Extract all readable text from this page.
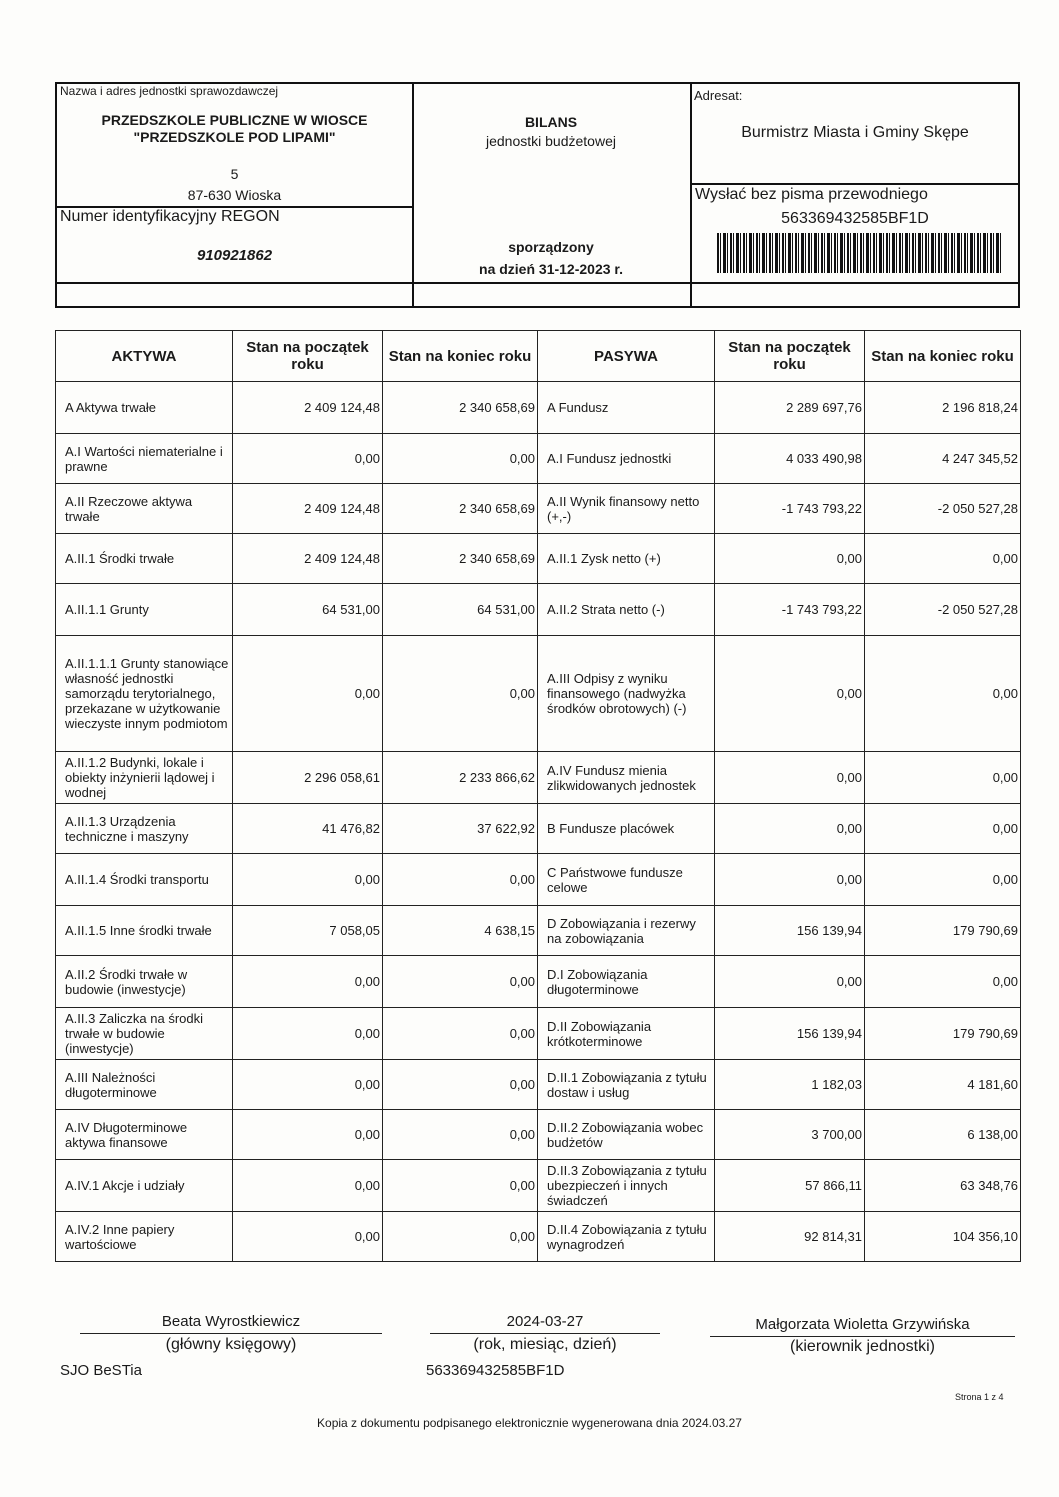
Nazwa i adres jednostki sprawozdawczej
PRZEDSZKOLE PUBLICZNE W WIOSCE
"PRZEDSZKOLE POD LIPAMI"
5
87-630 Wioska
Numer identyfikacyjny REGON
910921862
BILANS
jednostki budżetowej
sporządzony
na dzień 31-12-2023 r.
Adresat:
Burmistrz Miasta i Gminy Skępe
Wysłać bez pisma przewodniego
563369432585BF1D
AKTYWA	Stan na początek roku	Stan na koniec roku	PASYWA	Stan na początek roku	Stan na koniec roku
A Aktywa trwałe	2 409 124,48	2 340 658,69	A Fundusz	2 289 697,76	2 196 818,24
A.I Wartości niematerialne i prawne	0,00	0,00	A.I Fundusz jednostki	4 033 490,98	4 247 345,52
A.II Rzeczowe aktywa trwałe	2 409 124,48	2 340 658,69	A.II Wynik finansowy netto (+,-)	-1 743 793,22	-2 050 527,28
A.II.1 Środki trwałe	2 409 124,48	2 340 658,69	A.II.1 Zysk netto (+)	0,00	0,00
A.II.1.1 Grunty	64 531,00	64 531,00	A.II.2 Strata netto (-)	-1 743 793,22	-2 050 527,28
A.II.1.1.1 Grunty stanowiące własność jednostki samorządu terytorialnego, przekazane w użytkowanie wieczyste innym podmiotom	0,00	0,00	A.III Odpisy z wyniku finansowego (nadwyżka środków obrotowych) (-)	0,00	0,00
A.II.1.2 Budynki, lokale i obiekty inżynierii lądowej i wodnej	2 296 058,61	2 233 866,62	A.IV Fundusz mienia zlikwidowanych jednostek	0,00	0,00
A.II.1.3 Urządzenia techniczne i maszyny	41 476,82	37 622,92	B Fundusze placówek	0,00	0,00
A.II.1.4 Środki transportu	0,00	0,00	C Państwowe fundusze celowe	0,00	0,00
A.II.1.5 Inne środki trwałe	7 058,05	4 638,15	D Zobowiązania i rezerwy na zobowiązania	156 139,94	179 790,69
A.II.2 Środki trwałe w budowie (inwestycje)	0,00	0,00	D.I Zobowiązania długoterminowe	0,00	0,00
A.II.3 Zaliczka na środki trwałe w budowie (inwestycje)	0,00	0,00	D.II Zobowiązania krótkoterminowe	156 139,94	179 790,69
A.III Należności długoterminowe	0,00	0,00	D.II.1 Zobowiązania z tytułu dostaw i usług	1 182,03	4 181,60
A.IV Długoterminowe aktywa finansowe	0,00	0,00	D.II.2 Zobowiązania wobec budżetów	3 700,00	6 138,00
A.IV.1 Akcje i udziały	0,00	0,00	D.II.3 Zobowiązania z tytułu ubezpieczeń i innych świadczeń	57 866,11	63 348,76
A.IV.2 Inne papiery wartościowe	0,00	0,00	D.II.4 Zobowiązania z tytułu wynagrodzeń	92 814,31	104 356,10
Beata Wyrostkiewicz
(główny księgowy)
2024-03-27
(rok, miesiąc, dzień)
Małgorzata Wioletta Grzywińska
(kierownik jednostki)
SJO BeSTia	563369432585BF1D
Strona 1 z 4
Kopia z dokumentu podpisanego elektronicznie wygenerowana dnia 2024.03.27
